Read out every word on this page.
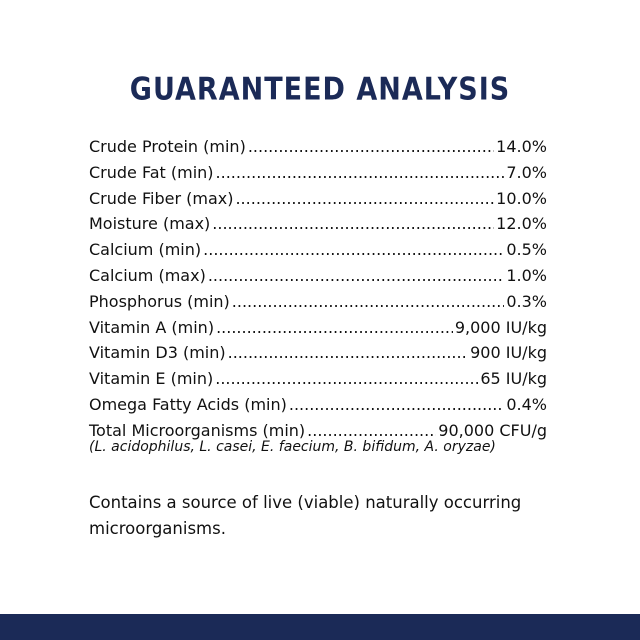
GUARANTEED ANALYSIS
Crude Protein (min) .....	14.0%
Crude Fat (min) .....	7.0%
Crude Fiber (max) .....	10.0%
Moisture (max) .....	12.0%
Calcium (min) .....	0.5%
Calcium (max) .....	1.0%
Phosphorus (min) .....	0.3%
Vitamin A (min) .....	9,000 IU/kg
Vitamin D3 (min) .....	900 IU/kg
Vitamin E (min) .....	65 IU/kg
Omega Fatty Acids (min) .....	0.4%
Total Microorganisms (min) .....	90,000 CFU/g
(L. acidophilus, L. casei, E. faecium, B. bifidum, A. oryzae)

Contains a source of live (viable) naturally occurring microorganisms.
